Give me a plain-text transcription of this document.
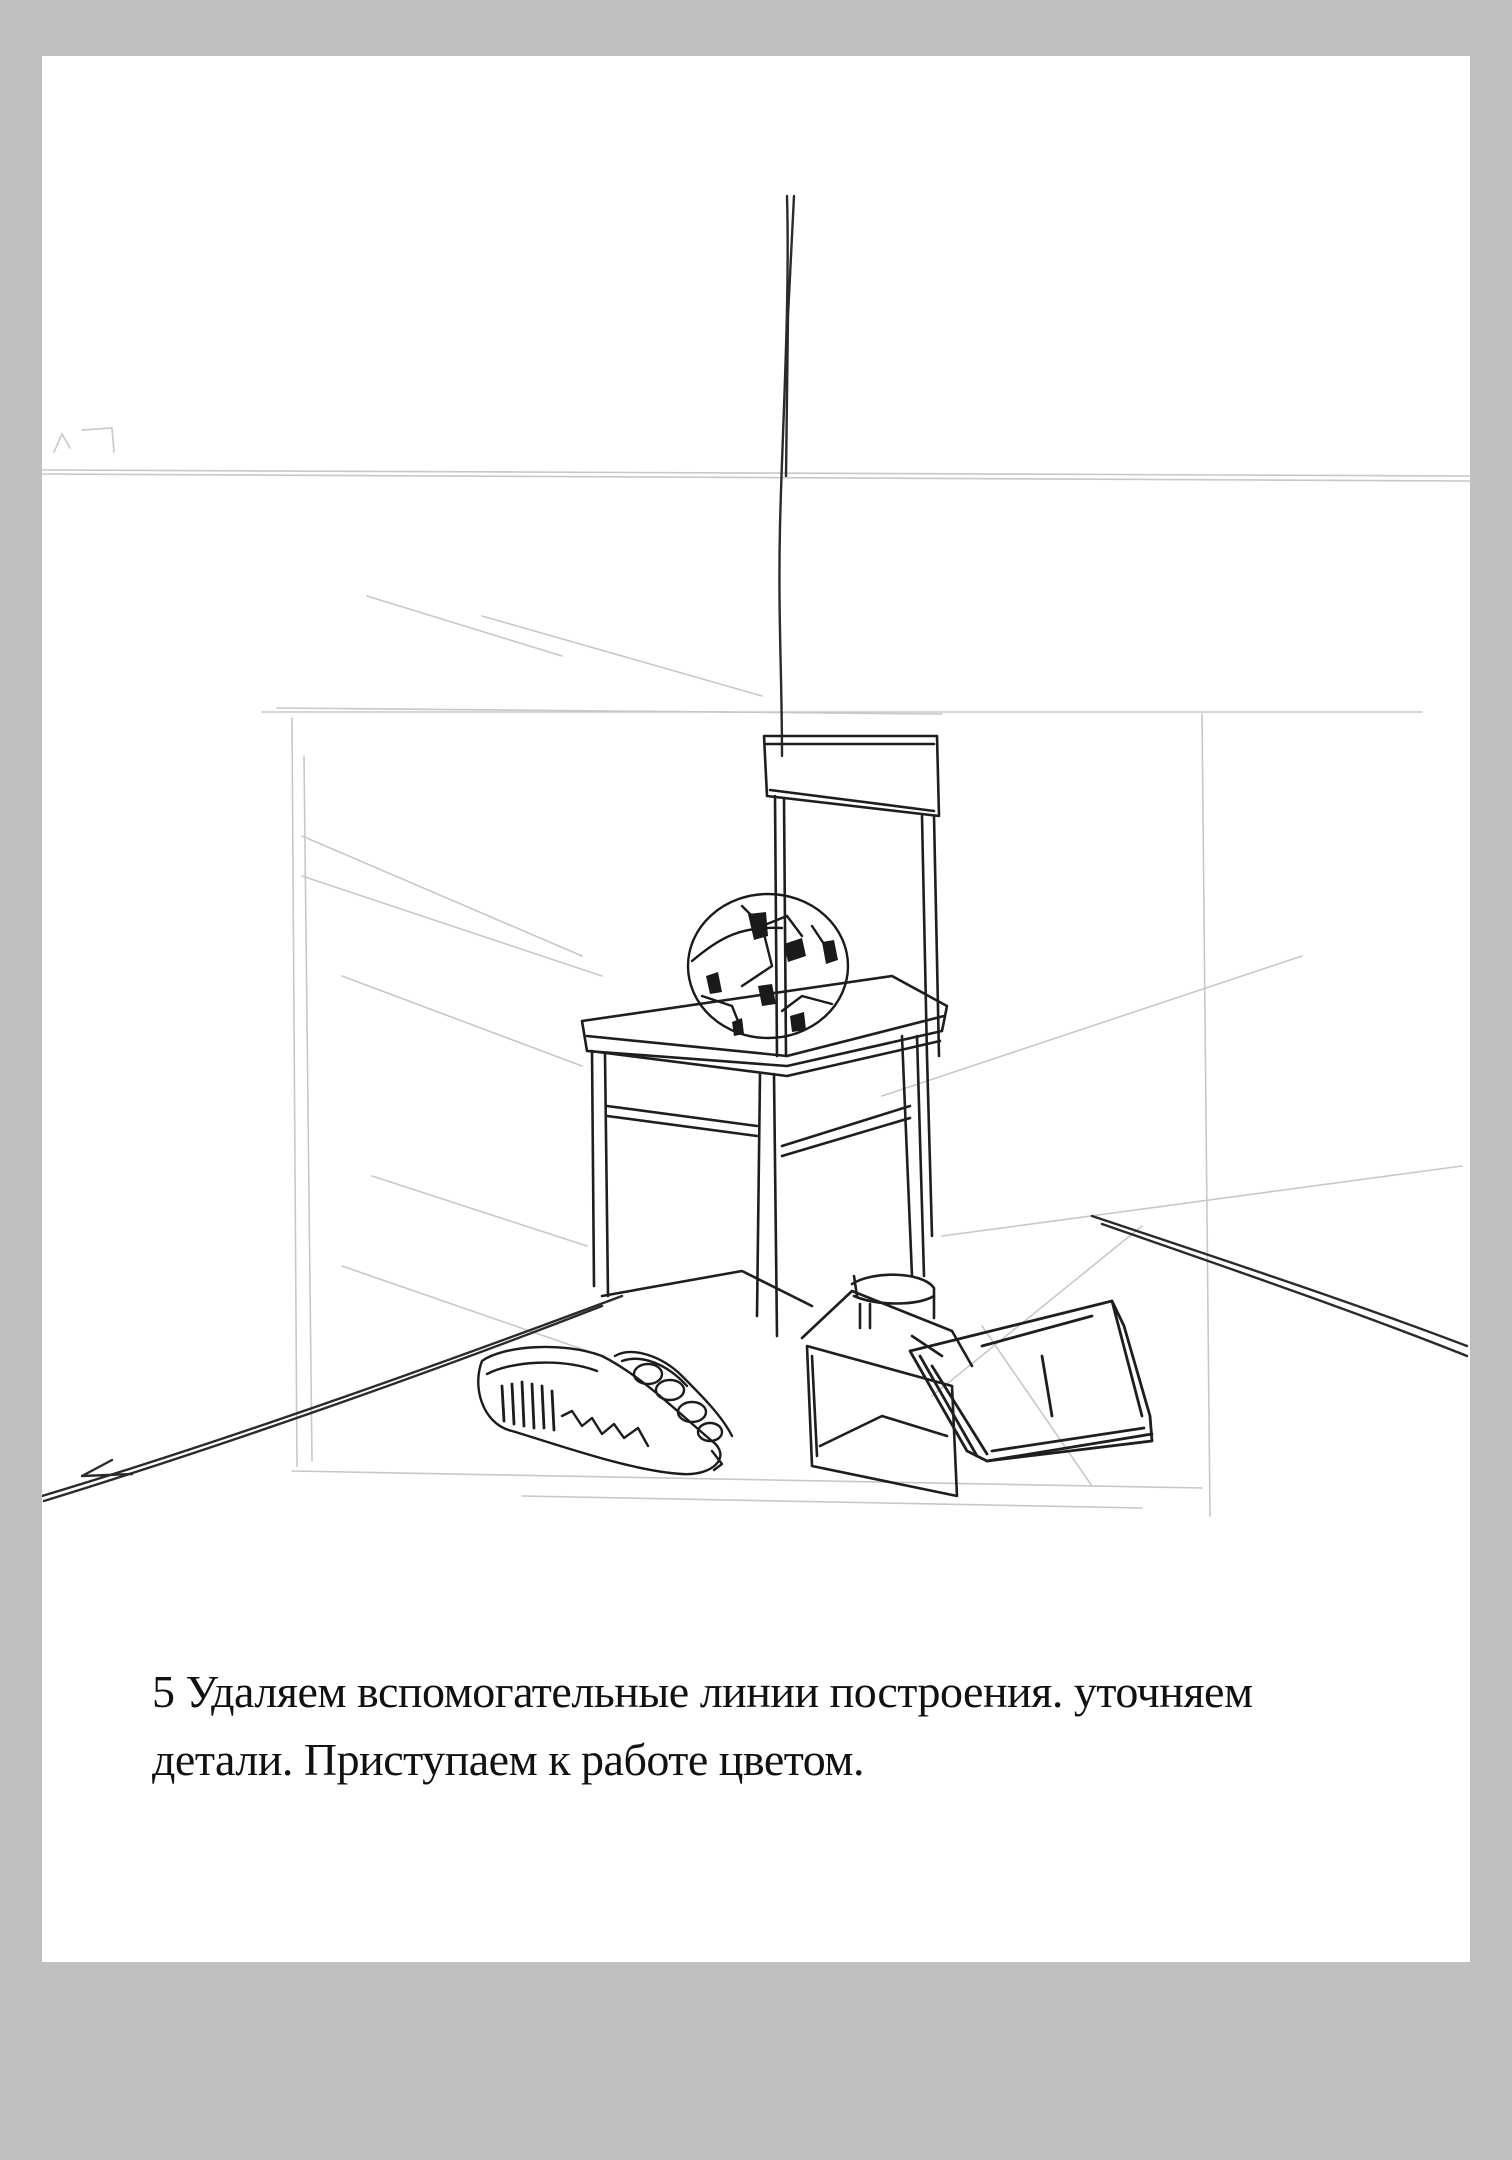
5 Удаляем вспомогательные линии построения. уточняем
детали. Приступаем к работе цветом.
